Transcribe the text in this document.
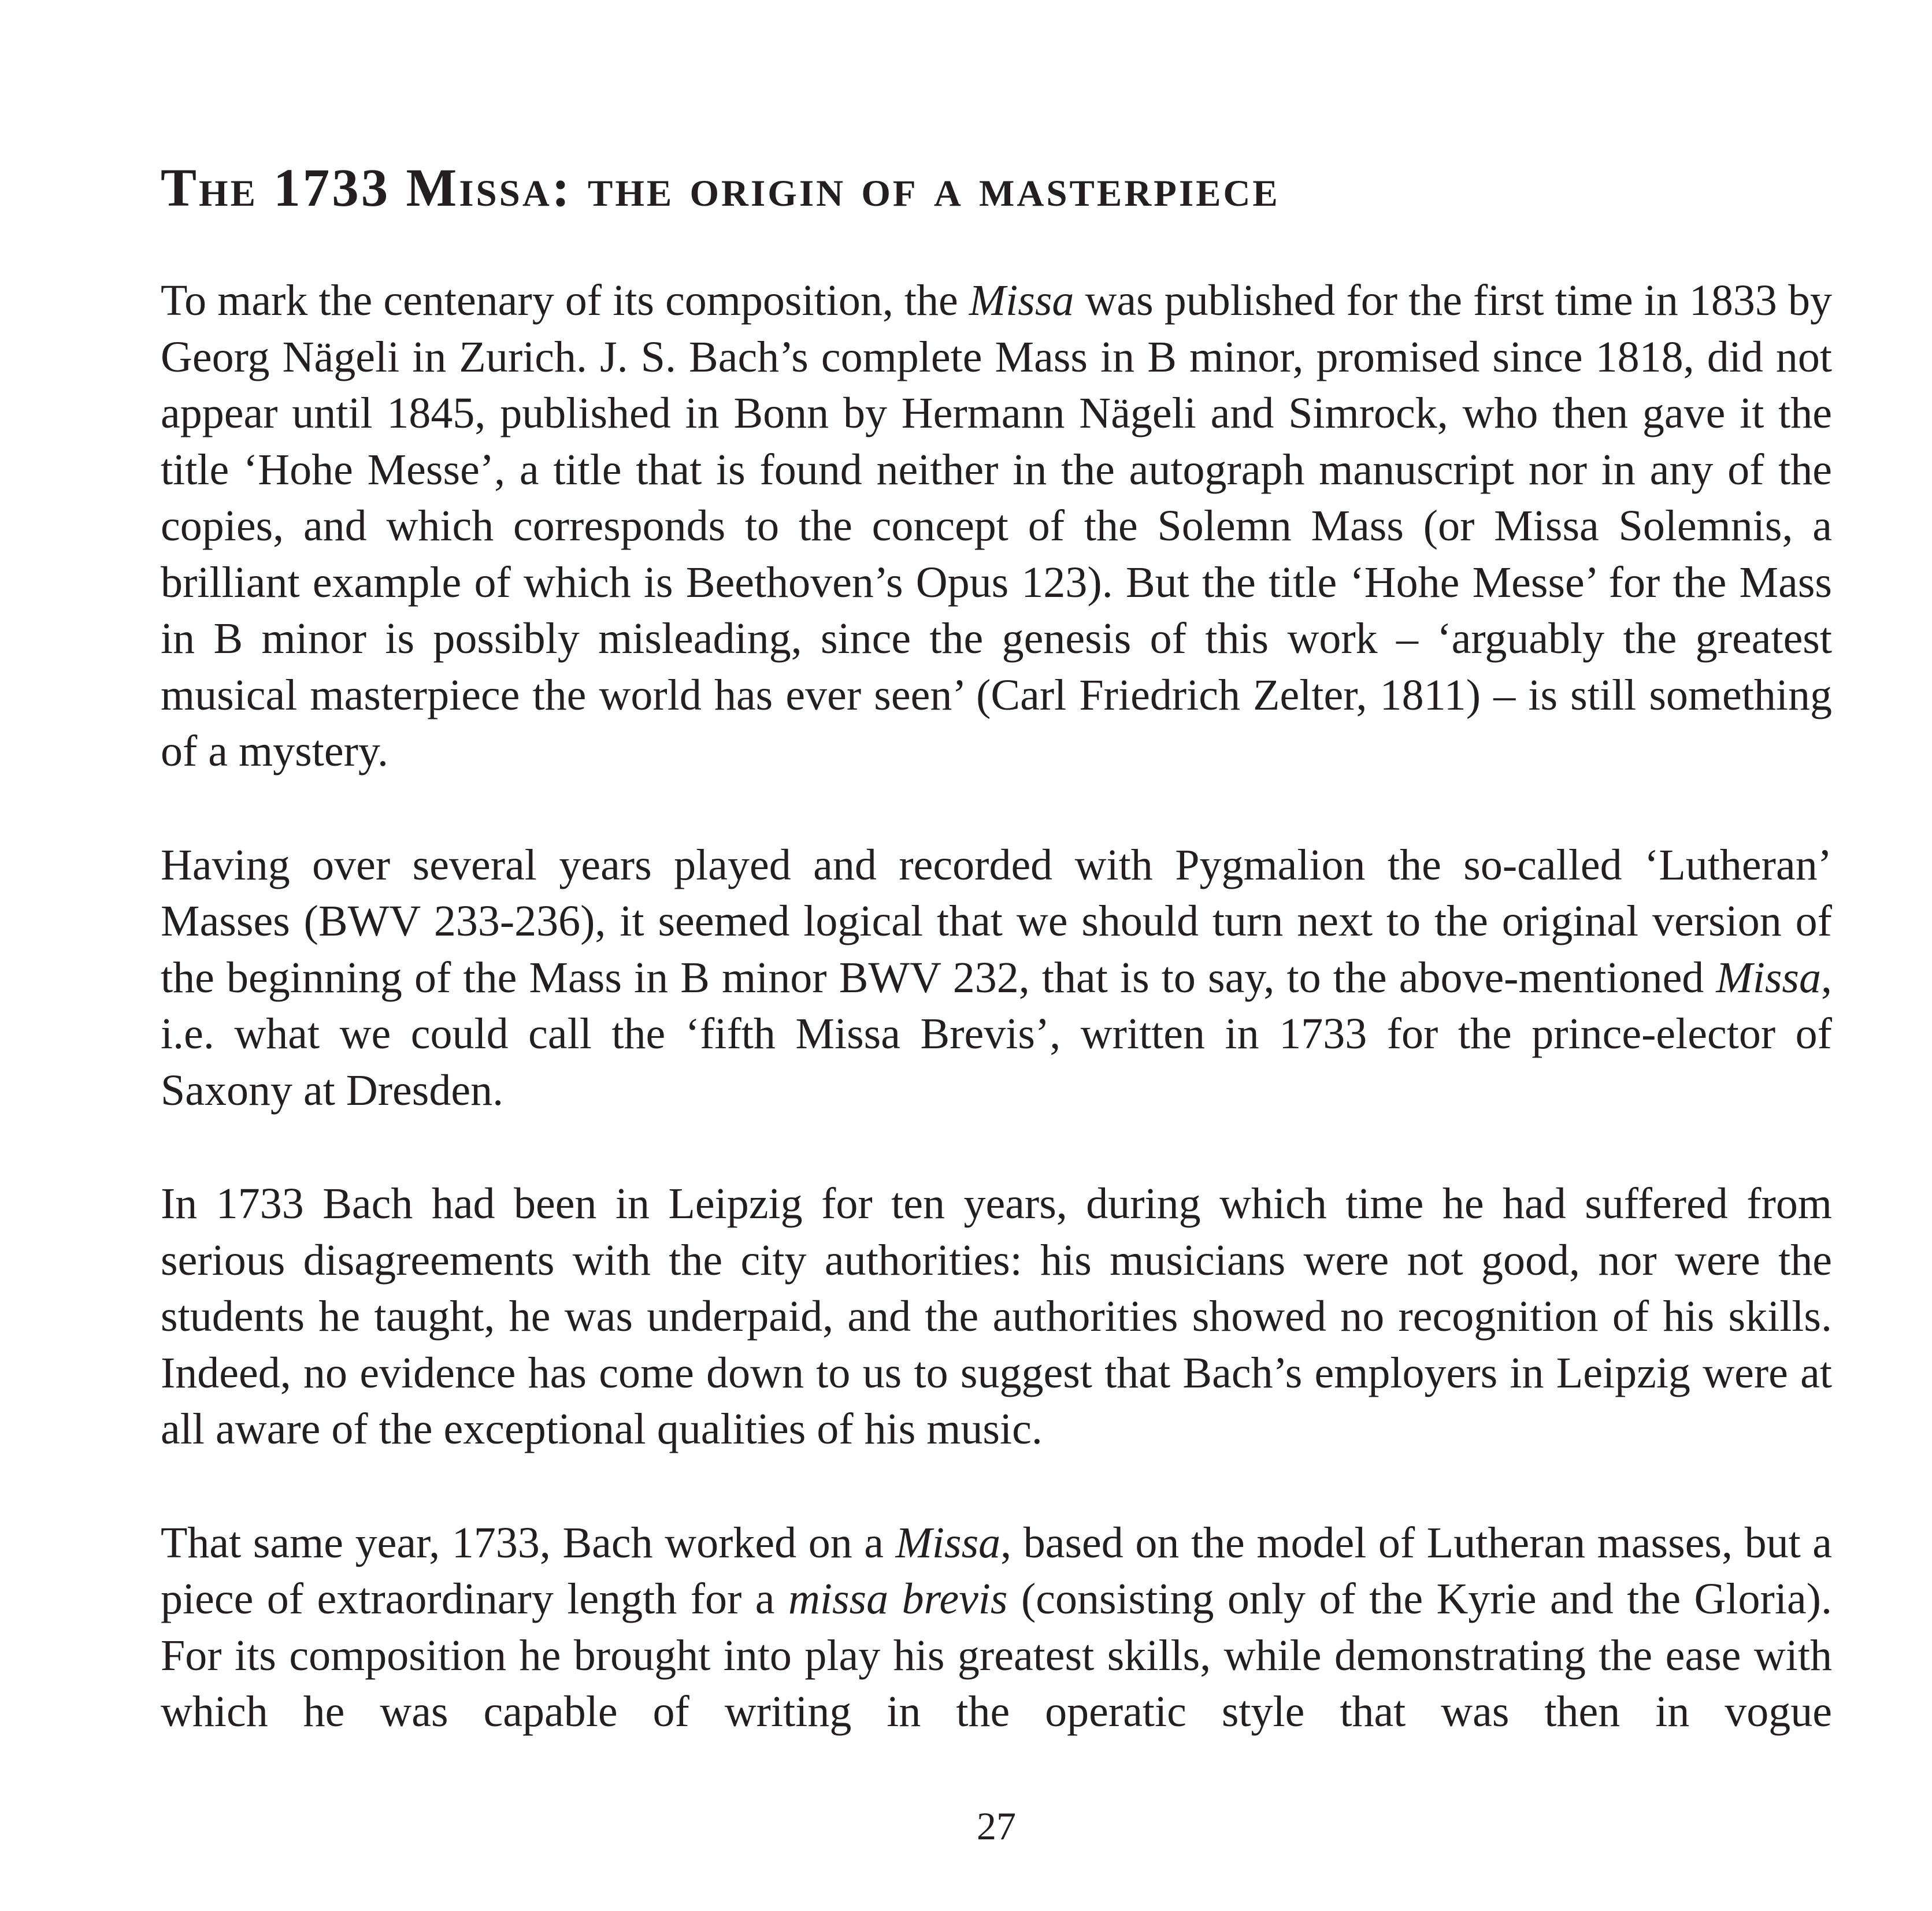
The 1733 Missa: the origin of a masterpiece

To mark the centenary of its composition, the Missa was published for the first time in 1833 by Georg Nägeli in Zurich. J. S. Bach’s complete Mass in B minor, promised since 1818, did not appear until 1845, published in Bonn by Hermann Nägeli and Simrock, who then gave it the title ‘Hohe Messe’, a title that is found neither in the autograph manuscript nor in any of the copies, and which corresponds to the concept of the Solemn Mass (or Missa Solemnis, a brilliant example of which is Beethoven’s Opus 123). But the title ‘Hohe Messe’ for the Mass in B minor is possibly misleading, since the genesis of this work – ‘arguably the greatest musical masterpiece the world has ever seen’ (Carl Friedrich Zelter, 1811) – is still something of a mystery.

Having over several years played and recorded with Pygmalion the so-called ‘Lutheran’ Masses (BWV 233-236), it seemed logical that we should turn next to the original version of the beginning of the Mass in B minor BWV 232, that is to say, to the above-mentioned Missa, i.e. what we could call the ‘fifth Missa Brevis’, written in 1733 for the prince-elector of Saxony at Dresden.

In 1733 Bach had been in Leipzig for ten years, during which time he had suffered from serious disagreements with the city authorities: his musicians were not good, nor were the students he taught, he was underpaid, and the authorities showed no recognition of his skills. Indeed, no evidence has come down to us to suggest that Bach’s employers in Leipzig were at all aware of the exceptional qualities of his music.

That same year, 1733, Bach worked on a Missa, based on the model of Lutheran masses, but a piece of extraordinary length for a missa brevis (consisting only of the Kyrie and the Gloria). For its composition he brought into play his greatest skills, while demonstrating the ease with which he was capable of writing in the operatic style that was then in vogue

27
